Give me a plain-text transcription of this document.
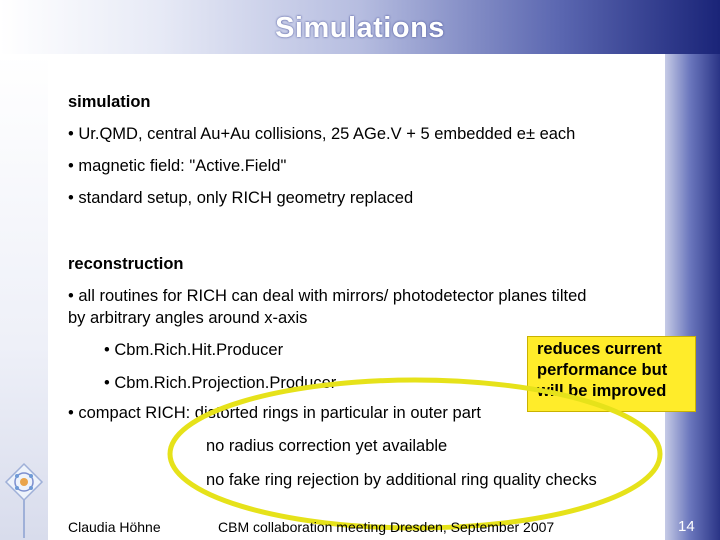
Simulations
simulation
• Ur.QMD, central Au+Au collisions, 25 AGe.V + 5 embedded e± each
• magnetic field: "Active.Field"
• standard setup, only RICH geometry replaced
reconstruction
• all routines for RICH can deal with mirrors/ photodetector planes tilted
by arbitrary angles around x-axis
• Cbm.Rich.Hit.Producer
• Cbm.Rich.Projection.Producer
• compact RICH: distorted rings in particular in outer part
no radius correction yet available
no fake ring rejection by additional ring quality checks
reduces current performance but will be improved
Claudia Höhne	CBM collaboration meeting Dresden, September 2007	14
